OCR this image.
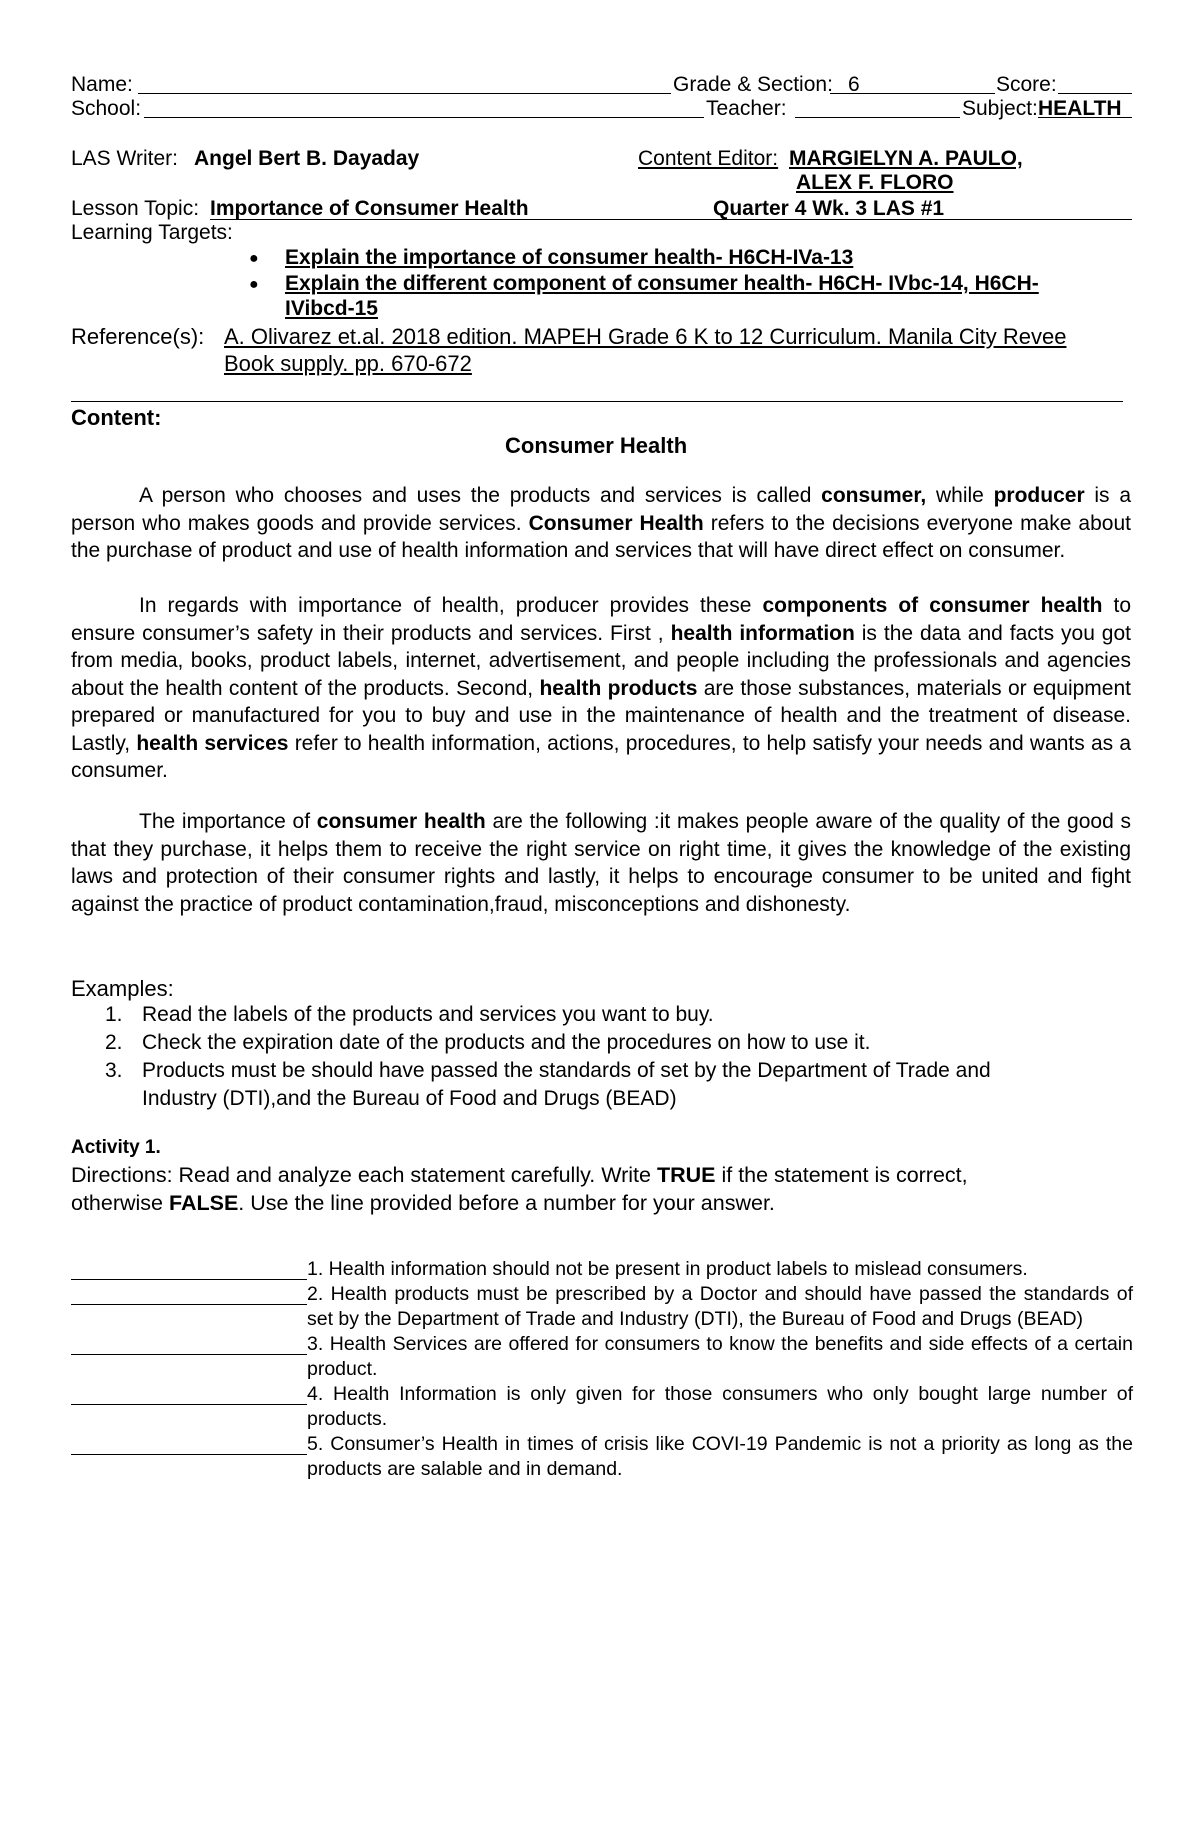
Name:	Grade & Section: 6	Score:
School:	Teacher:	Subject: HEALTH
LAS Writer: Angel Bert B. Dayaday	Content Editor: MARGIELYN A. PAULO,
ALEX F. FLORO
Lesson Topic: Importance of Consumer Health	Quarter 4 Wk. 3 LAS #1
Learning Targets:
● Explain the importance of consumer health- H6CH-IVa-13
● Explain the different component of consumer health- H6CH- IVbc-14, H6CH-
IVibcd-15
Reference(s): A. Olivarez et.al. 2018 edition. MAPEH Grade 6 K to 12 Curriculum. Manila City Revee
Book supply. pp. 670-672
Content:
Consumer Health

A person who chooses and uses the products and services is called consumer, while producer is a person who makes goods and provide services. Consumer Health refers to the decisions everyone make about the purchase of product and use of health information and services that will have direct effect on consumer.

In regards with importance of health, producer provides these components of consumer health to ensure consumer’s safety in their products and services. First , health information is the data and facts you got from media, books, product labels, internet, advertisement, and people including the professionals and agencies about the health content of the products. Second, health products are those substances, materials or equipment prepared or manufactured for you to buy and use in the maintenance of health and the treatment of disease. Lastly, health services refer to health information, actions, procedures, to help satisfy your needs and wants as a consumer.

The importance of consumer health are the following :it makes people aware of the quality of the good s that they purchase, it helps them to receive the right service on right time, it gives the knowledge of the existing laws and protection of their consumer rights and lastly, it helps to encourage consumer to be united and fight against the practice of product contamination,fraud, misconceptions and dishonesty.

Examples:
1. Read the labels of the products and services you want to buy.
2. Check the expiration date of the products and the procedures on how to use it.
3. Products must be should have passed the standards of set by the Department of Trade and
Industry (DTI),and the Bureau of Food and Drugs (BEAD)
Activity 1.
Directions: Read and analyze each statement carefully. Write TRUE if the statement is correct,
otherwise FALSE. Use the line provided before a number for your answer.
1. Health information should not be present in product labels to mislead consumers.
2. Health products must be prescribed by a Doctor and should have passed the standards of set by the Department of Trade and Industry (DTI), the Bureau of Food and Drugs (BEAD)
3. Health Services are offered for consumers to know the benefits and side effects of a certain product.
4. Health Information is only given for those consumers who only bought large number of products.
5. Consumer’s Health in times of crisis like COVI-19 Pandemic is not a priority as long as the products are salable and in demand.
